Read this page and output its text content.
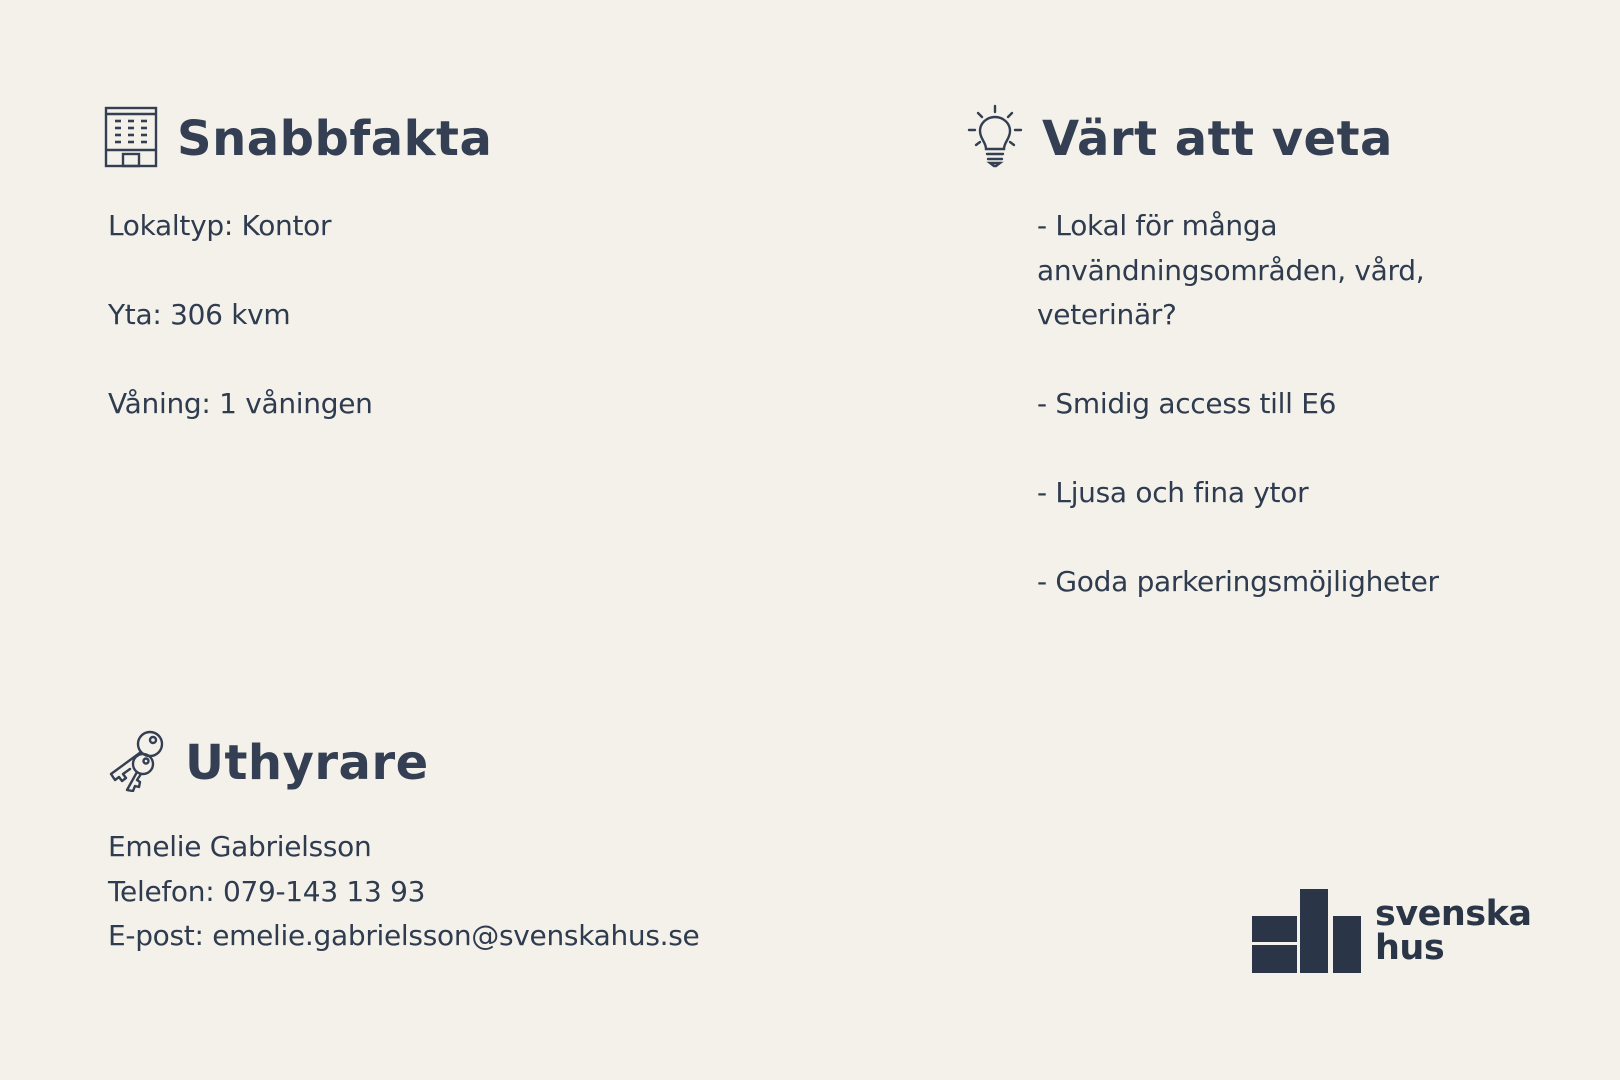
Snabbfakta
Lokaltyp: Kontor
Yta: 306 kvm
Våning: 1 våningen
Värt att veta
- Lokal för många
användningsområden, vård,
veterinär?
- Smidig access till E6
- Ljusa och fina ytor
- Goda parkeringsmöjligheter
Uthyrare
Emelie Gabrielsson
Telefon: 079-143 13 93
E-post: emelie.gabrielsson@svenskahus.se
svenska
hus
